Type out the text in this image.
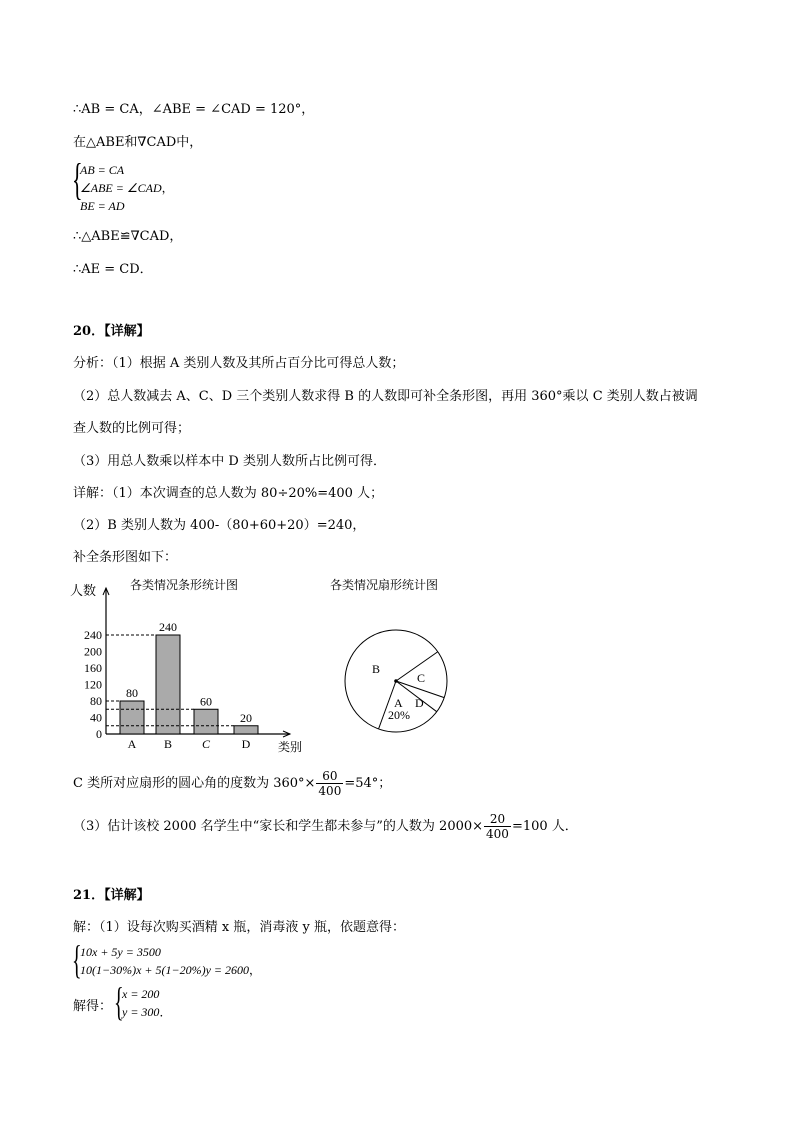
∴AB = CA，∠ABE = ∠CAD = 120°，
在△ABE和∇CAD中，
{
AB = CA
∠ABE = ∠CAD，
BE = AD
∴△ABE≌∇CAD，
∴AE = CD．
20．【详解】
分析：（1）根据 A 类别人数及其所占百分比可得总人数；
（2）总人数减去 A、C、D 三个类别人数求得 B 的人数即可补全条形图，再用 360°乘以 C 类别人数占被调
查人数的比例可得；
（3）用总人数乘以样本中 D 类别人数所占比例可得．
详解：（1）本次调查的总人数为 80÷20%=400 人；
（2）B 类别人数为 400-（80+60+20）=240，
补全条形图如下：
各类情况条形统计图
人数
类别
0
40
80
120
160
200
240
80
A
240
B
60
C
20
D
各类情况扇形统计图
B
C
D
A
20%
C 类所对应扇形的圆心角的度数为 $360^\circ\times \frac{60}{400} =54^\circ$；
（3）估计该校 2000 名学生中“家长和学生都未参与”的人数为 $2000\times \frac{20}{400} =100$ 人．
21．【详解】
解：（1）设每次购买酒精 x 瓶，消毒液 y 瓶，依题意得：
{
10x + 5y = 3500
10(1−30%)x + 5(1−20%)y = 2600，
解得： {
x = 200
y = 300．
